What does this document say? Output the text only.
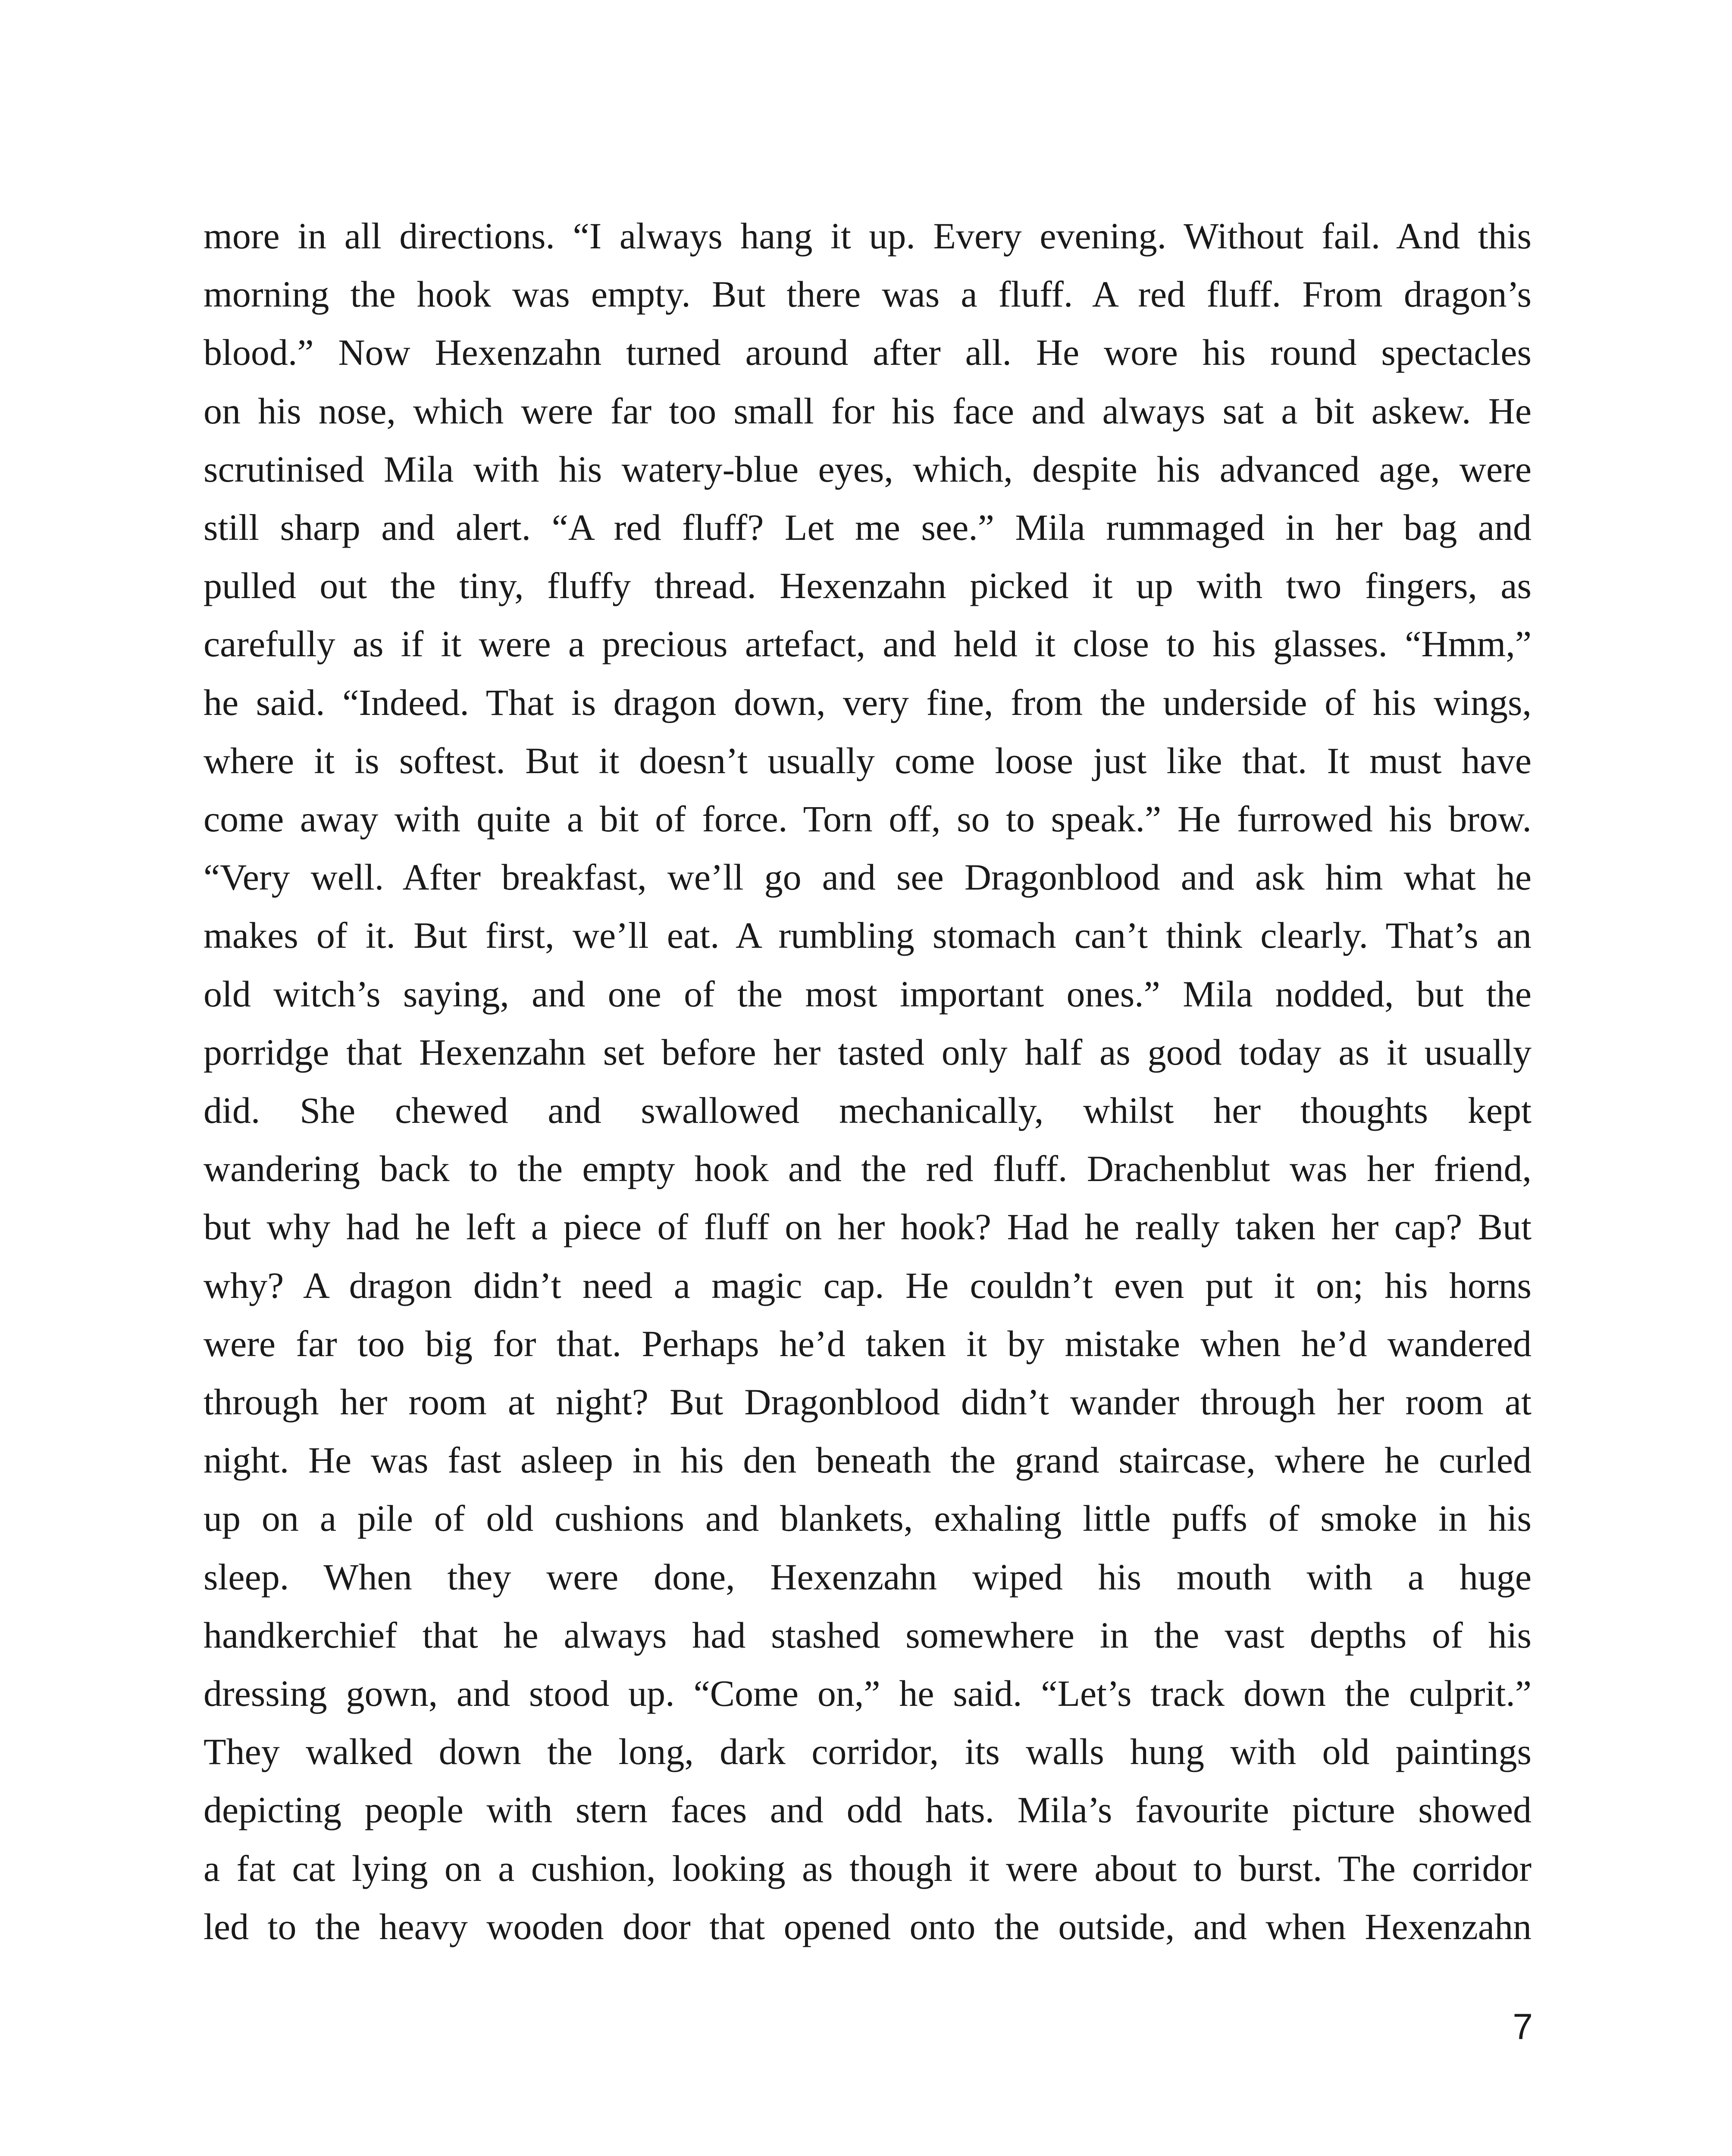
more in all directions. “I always hang it up. Every evening. Without fail. And this
morning the hook was empty. But there was a fluff. A red fluff. From dragon’s
blood.” Now Hexenzahn turned around after all. He wore his round spectacles
on his nose, which were far too small for his face and always sat a bit askew. He
scrutinised Mila with his watery-blue eyes, which, despite his advanced age, were
still sharp and alert. “A red fluff? Let me see.” Mila rummaged in her bag and
pulled out the tiny, fluffy thread. Hexenzahn picked it up with two fingers, as
carefully as if it were a precious artefact, and held it close to his glasses. “Hmm,”
he said. “Indeed. That is dragon down, very fine, from the underside of his wings,
where it is softest. But it doesn’t usually come loose just like that. It must have
come away with quite a bit of force. Torn off, so to speak.” He furrowed his brow.
“Very well. After breakfast, we’ll go and see Dragonblood and ask him what he
makes of it. But first, we’ll eat. A rumbling stomach can’t think clearly. That’s an
old witch’s saying, and one of the most important ones.” Mila nodded, but the
porridge that Hexenzahn set before her tasted only half as good today as it usually
did. She chewed and swallowed mechanically, whilst her thoughts kept
wandering back to the empty hook and the red fluff. Drachenblut was her friend,
but why had he left a piece of fluff on her hook? Had he really taken her cap? But
why? A dragon didn’t need a magic cap. He couldn’t even put it on; his horns
were far too big for that. Perhaps he’d taken it by mistake when he’d wandered
through her room at night? But Dragonblood didn’t wander through her room at
night. He was fast asleep in his den beneath the grand staircase, where he curled
up on a pile of old cushions and blankets, exhaling little puffs of smoke in his
sleep. When they were done, Hexenzahn wiped his mouth with a huge
handkerchief that he always had stashed somewhere in the vast depths of his
dressing gown, and stood up. “Come on,” he said. “Let’s track down the culprit.”
They walked down the long, dark corridor, its walls hung with old paintings
depicting people with stern faces and odd hats. Mila’s favourite picture showed
a fat cat lying on a cushion, looking as though it were about to burst. The corridor
led to the heavy wooden door that opened onto the outside, and when Hexenzahn
7
